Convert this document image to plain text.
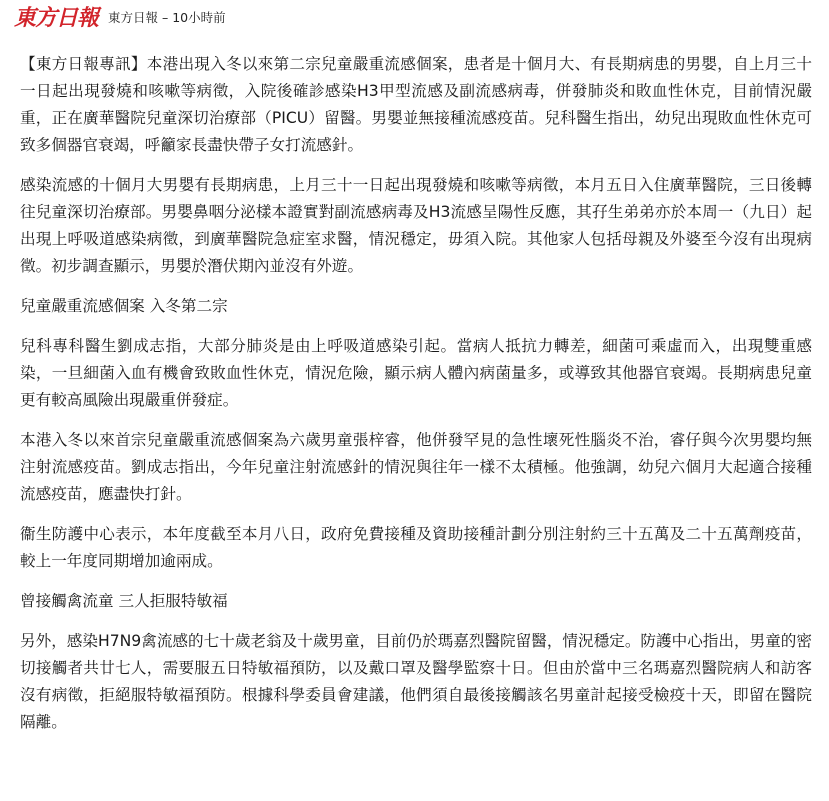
東方日報 東方日報 – 10小時前

【東方日報專訊】本港出現入冬以來第二宗兒童嚴重流感個案，患者是十個月大、有長期病患的男嬰，自上月三十一日起出現發燒和咳嗽等病徵，入院後確診感染H3甲型流感及副流感病毒，併發肺炎和敗血性休克，目前情況嚴重，正在廣華醫院兒童深切治療部（PICU）留醫。男嬰並無接種流感疫苗。兒科醫生指出，幼兒出現敗血性休克可致多個器官衰竭，呼籲家長盡快帶子女打流感針。

感染流感的十個月大男嬰有長期病患，上月三十一日起出現發燒和咳嗽等病徵，本月五日入住廣華醫院，三日後轉往兒童深切治療部。男嬰鼻咽分泌樣本證實對副流感病毒及H3流感呈陽性反應，其孖生弟弟亦於本周一（九日）起出現上呼吸道感染病徵，到廣華醫院急症室求醫，情況穩定，毋須入院。其他家人包括母親及外婆至今沒有出現病徵。初步調查顯示，男嬰於潛伏期內並沒有外遊。

兒童嚴重流感個案 入冬第二宗

兒科專科醫生劉成志指，大部分肺炎是由上呼吸道感染引起。當病人抵抗力轉差，細菌可乘虛而入，出現雙重感染，一旦細菌入血有機會致敗血性休克，情況危險，顯示病人體內病菌量多，或導致其他器官衰竭。長期病患兒童更有較高風險出現嚴重併發症。

本港入冬以來首宗兒童嚴重流感個案為六歲男童張梓睿，他併發罕見的急性壞死性腦炎不治，睿仔與今次男嬰均無注射流感疫苗。劉成志指出，今年兒童注射流感針的情況與往年一樣不太積極。他強調，幼兒六個月大起適合接種流感疫苗，應盡快打針。

衞生防護中心表示，本年度截至本月八日，政府免費接種及資助接種計劃分別注射約三十五萬及二十五萬劑疫苗，較上一年度同期增加逾兩成。

曾接觸禽流童 三人拒服特敏福

另外，感染H7N9禽流感的七十歲老翁及十歲男童，目前仍於瑪嘉烈醫院留醫，情況穩定。防護中心指出，男童的密切接觸者共廿七人，需要服五日特敏福預防，以及戴口罩及醫學監察十日。但由於當中三名瑪嘉烈醫院病人和訪客沒有病徵，拒絕服特敏福預防。根據科學委員會建議，他們須自最後接觸該名男童計起接受檢疫十天，即留在醫院隔離。
